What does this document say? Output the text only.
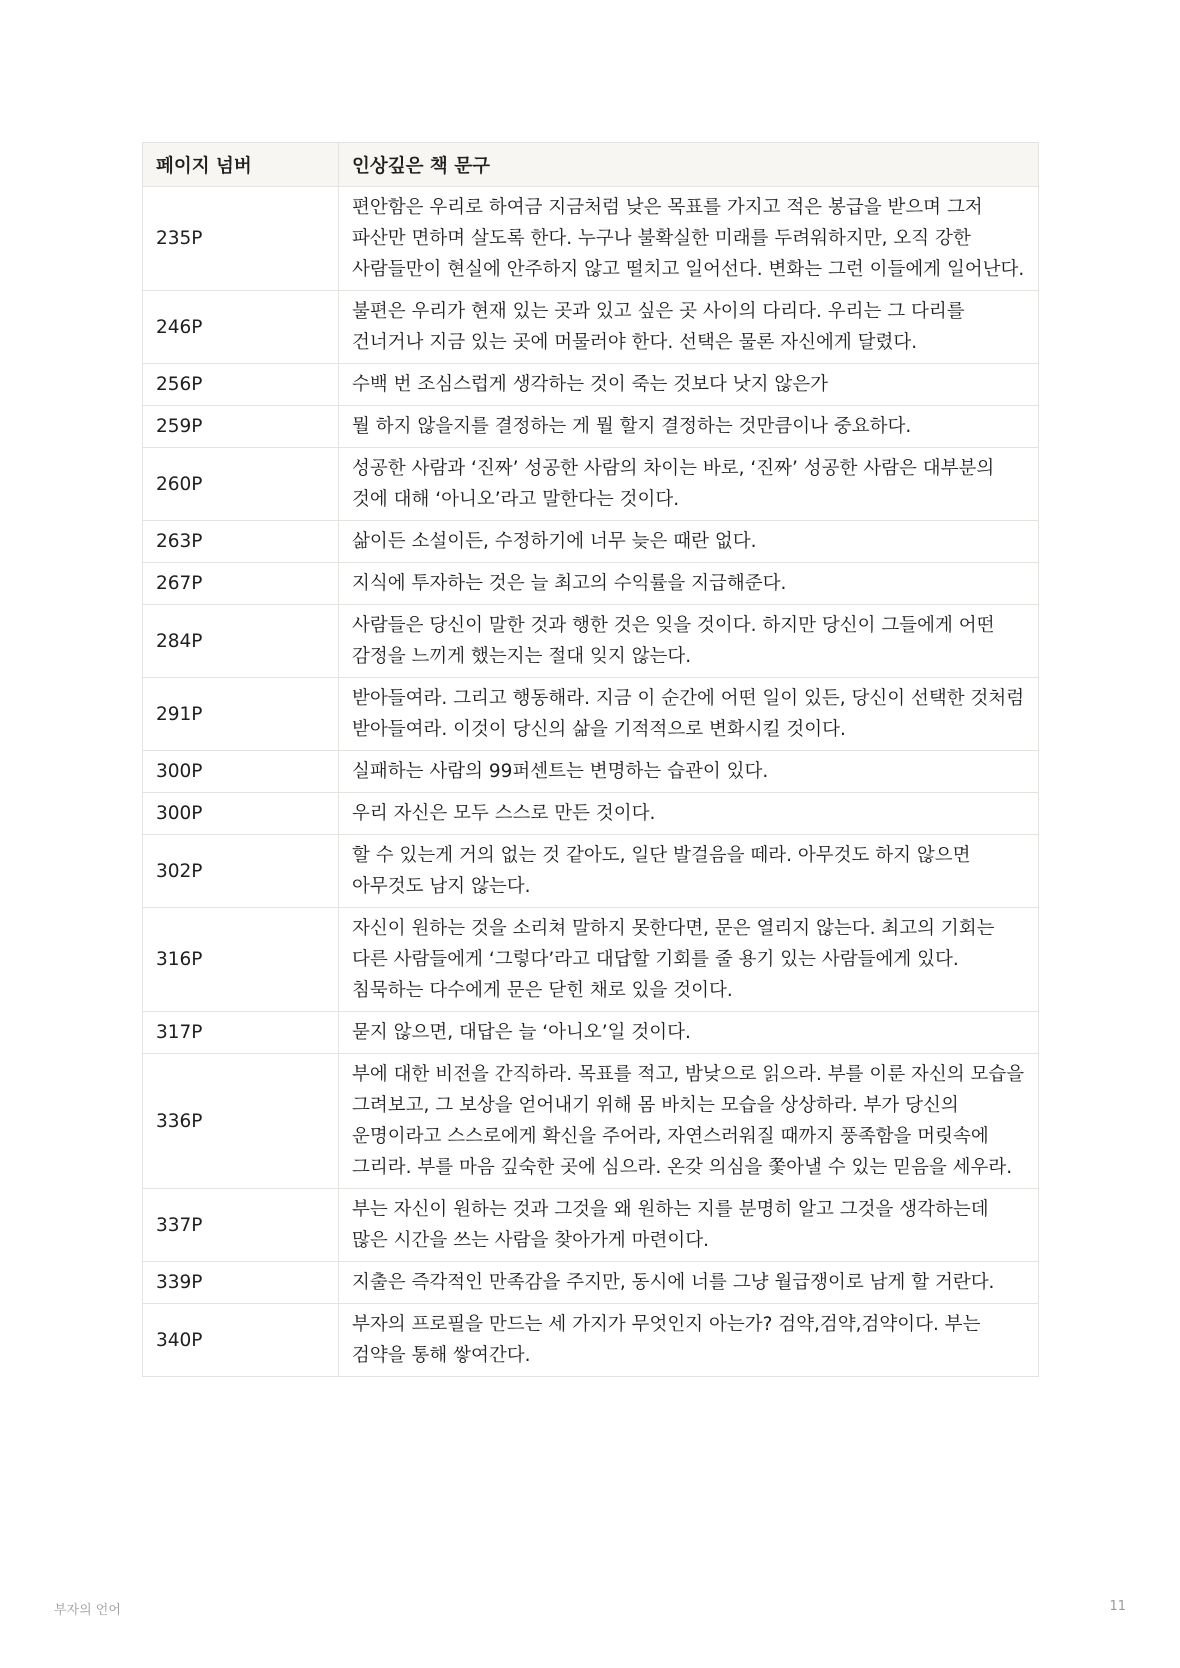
페이지 넘버	인상깊은 책 문구
235P	편안함은 우리로 하여금 지금처럼 낮은 목표를 가지고 적은 봉급을 받으며 그저 파산만 면하며 살도록 한다. 누구나 불확실한 미래를 두려워하지만, 오직 강한 사람들만이 현실에 안주하지 않고 떨치고 일어선다. 변화는 그런 이들에게 일어난다.
246P	불편은 우리가 현재 있는 곳과 있고 싶은 곳 사이의 다리다. 우리는 그 다리를 건너거나 지금 있는 곳에 머물러야 한다. 선택은 물론 자신에게 달렸다.
256P	수백 번 조심스럽게 생각하는 것이 죽는 것보다 낫지 않은가
259P	뭘 하지 않을지를 결정하는 게 뭘 할지 결정하는 것만큼이나 중요하다.
260P	성공한 사람과 ‘진짜’ 성공한 사람의 차이는 바로, ‘진짜’ 성공한 사람은 대부분의 것에 대해 ‘아니오’라고 말한다는 것이다.
263P	삶이든 소설이든, 수정하기에 너무 늦은 때란 없다.
267P	지식에 투자하는 것은 늘 최고의 수익률을 지급해준다.
284P	사람들은 당신이 말한 것과 행한 것은 잊을 것이다. 하지만 당신이 그들에게 어떤 감정을 느끼게 했는지는 절대 잊지 않는다.
291P	받아들여라. 그리고 행동해라. 지금 이 순간에 어떤 일이 있든, 당신이 선택한 것처럼 받아들여라. 이것이 당신의 삶을 기적적으로 변화시킬 것이다.
300P	실패하는 사람의 99퍼센트는 변명하는 습관이 있다.
300P	우리 자신은 모두 스스로 만든 것이다.
302P	할 수 있는게 거의 없는 것 같아도, 일단 발걸음을 떼라. 아무것도 하지 않으면 아무것도 남지 않는다.
316P	자신이 원하는 것을 소리쳐 말하지 못한다면, 문은 열리지 않는다. 최고의 기회는 다른 사람들에게 ‘그렇다’라고 대답할 기회를 줄 용기 있는 사람들에게 있다. 침묵하는 다수에게 문은 닫힌 채로 있을 것이다.
317P	묻지 않으면, 대답은 늘 ‘아니오’일 것이다.
336P	부에 대한 비전을 간직하라. 목표를 적고, 밤낮으로 읽으라. 부를 이룬 자신의 모습을 그려보고, 그 보상을 얻어내기 위해 몸 바치는 모습을 상상하라. 부가 당신의 운명이라고 스스로에게 확신을 주어라, 자연스러워질 때까지 풍족함을 머릿속에 그리라. 부를 마음 깊숙한 곳에 심으라. 온갖 의심을 쫓아낼 수 있는 믿음을 세우라.
337P	부는 자신이 원하는 것과 그것을 왜 원하는 지를 분명히 알고 그것을 생각하는데 많은 시간을 쓰는 사람을 찾아가게 마련이다.
339P	지출은 즉각적인 만족감을 주지만, 동시에 너를 그냥 월급쟁이로 남게 할 거란다.
340P	부자의 프로필을 만드는 세 가지가 무엇인지 아는가? 검약,검약,검약이다. 부는 검약을 통해 쌓여간다.
부자의 언어	11
